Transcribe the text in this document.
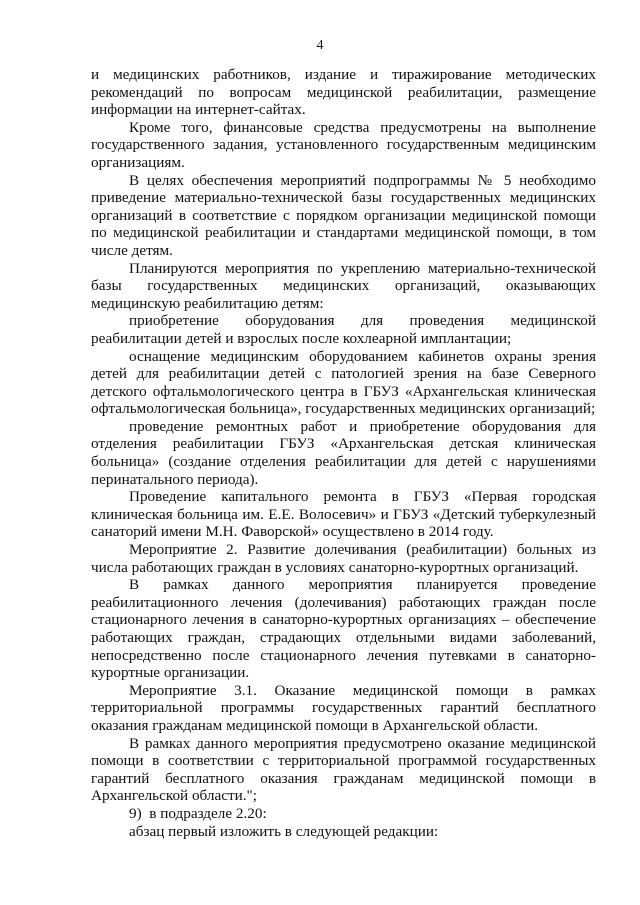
4

и медицинских работников, издание и тиражирование методических рекомендаций по вопросам медицинской реабилитации, размещение информации на интернет-сайтах.

Кроме того, финансовые средства предусмотрены на выполнение государственного задания, установленного государственным медицинским организациям.

В целях обеспечения мероприятий подпрограммы № 5 необходимо приведение материально-технической базы государственных медицинских организаций в соответствие с порядком организации медицинской помощи по медицинской реабилитации и стандартами медицинской помощи, в том числе детям.

Планируются мероприятия по укреплению материально-технической базы государственных медицинских организаций, оказывающих медицинскую реабилитацию детям:

приобретение оборудования для проведения медицинской реабилитации детей и взрослых после кохлеарной имплантации;

оснащение медицинским оборудованием кабинетов охраны зрения детей для реабилитации детей с патологией зрения на базе Северного детского офтальмологического центра в ГБУЗ «Архангельская клиническая офтальмологическая больница», государственных медицинских организаций;

проведение ремонтных работ и приобретение оборудования для отделения реабилитации ГБУЗ «Архангельская детская клиническая больница» (создание отделения реабилитации для детей с нарушениями перинатального периода).

Проведение капитального ремонта в ГБУЗ «Первая городская клиническая больница им. Е.Е. Волосевич» и ГБУЗ «Детский туберкулезный санаторий имени М.Н. Фаворской» осуществлено в 2014 году.

Мероприятие 2. Развитие долечивания (реабилитации) больных из числа работающих граждан в условиях санаторно-курортных организаций.

В рамках данного мероприятия планируется проведение реабилитационного лечения (долечивания) работающих граждан после стационарного лечения в санаторно-курортных организациях – обеспечение работающих граждан, страдающих отдельными видами заболеваний, непосредственно после стационарного лечения путевками в санаторно-курортные организации.

Мероприятие 3.1. Оказание медицинской помощи в рамках территориальной программы государственных гарантий бесплатного оказания гражданам медицинской помощи в Архангельской области.

В рамках данного мероприятия предусмотрено оказание медицинской помощи в соответствии с территориальной программой государственных гарантий бесплатного оказания гражданам медицинской помощи в Архангельской области.";

9) в подразделе 2.20:

абзац первый изложить в следующей редакции:
